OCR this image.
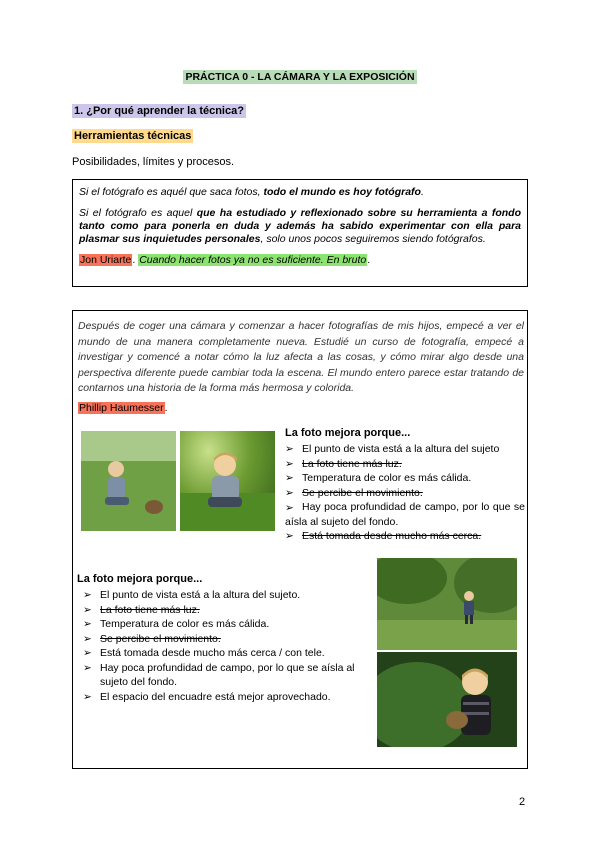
PRÁCTICA 0 - LA CÁMARA Y LA EXPOSICIÓN
1. ¿Por qué aprender la técnica?
Herramientas técnicas
Posibilidades, límites y procesos.

Si el fotógrafo es aquél que saca fotos, todo el mundo es hoy fotógrafo.

Si el fotógrafo es aquel que ha estudiado y reflexionado sobre su herramienta a fondo tanto como para ponerla en duda y además ha sabido experimentar con ella para plasmar sus inquietudes personales, solo unos pocos seguiremos siendo fotógrafos.

Jon Uriarte. Cuando hacer fotos ya no es suficiente. En bruto.
Después de coger una cámara y comenzar a hacer fotografías de mis hijos, empecé a ver el mundo de una manera completamente nueva. Estudié un curso de fotografía, empecé a investigar y comencé a notar cómo la luz afecta a las cosas, y cómo mirar algo desde una perspectiva diferente puede cambiar toda la escena. El mundo entero parece estar tratando de contarnos una historia de la forma más hermosa y colorida.
Phillip Haumesser.
La foto mejora porque...
➢ El punto de vista está a la altura del sujeto
➢ La foto tiene más luz.
➢ Temperatura de color es más cálida.
➢ Se percibe el movimiento.
➢ Hay poca profundidad de campo, por lo que se aísla al sujeto del fondo.
➢ Está tomada desde mucho más cerca.
La foto mejora porque...
➢ El punto de vista está a la altura del sujeto.
➢ La foto tiene más luz.
➢ Temperatura de color es más cálida.
➢ Se percibe el movimiento.
➢ Está tomada desde mucho más cerca / con tele.
➢ Hay poca profundidad de campo, por lo que se aísla al sujeto del fondo.
➢ El espacio del encuadre está mejor aprovechado.
2
